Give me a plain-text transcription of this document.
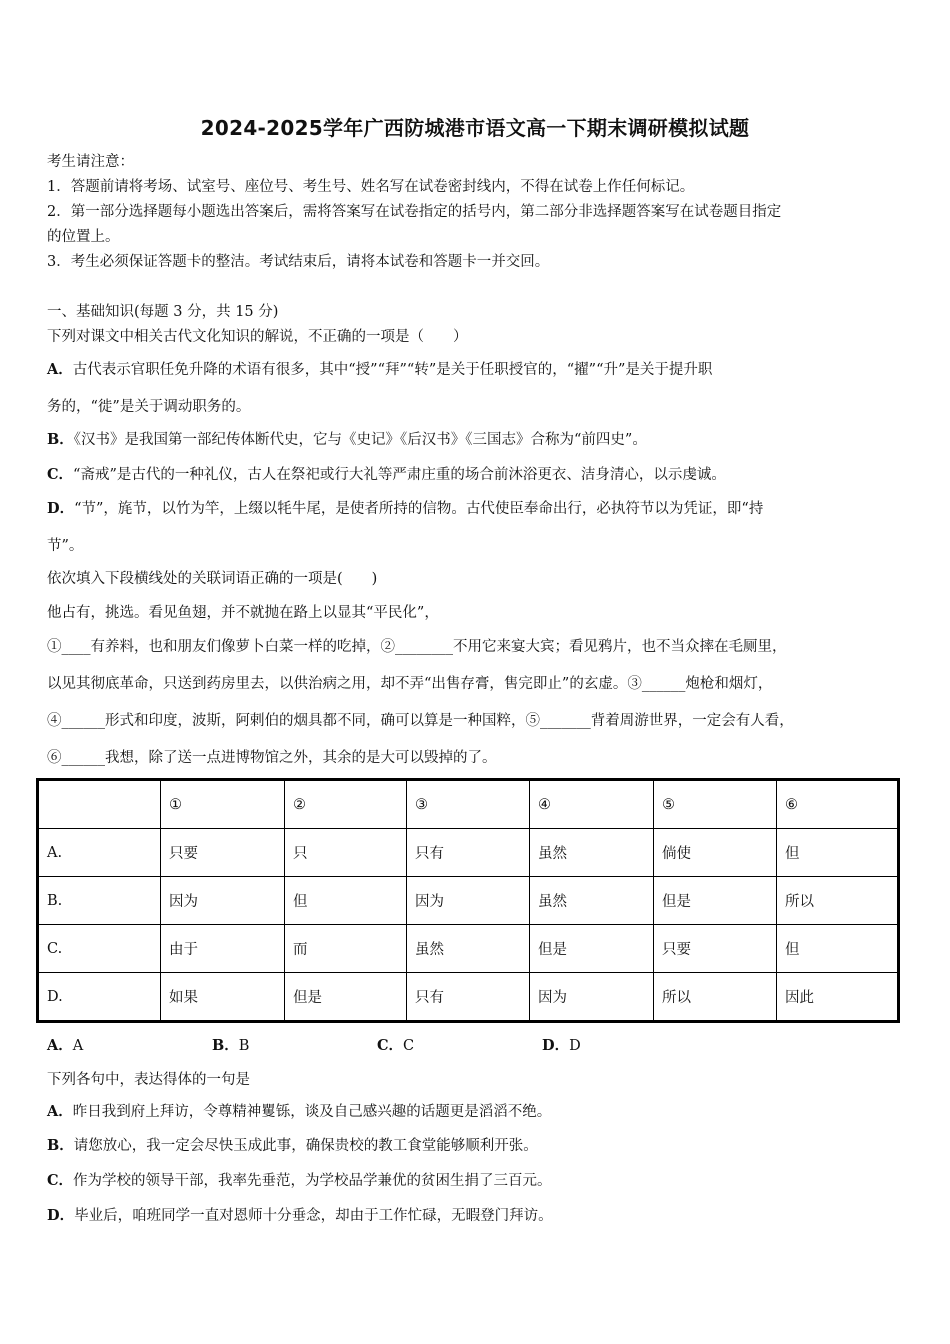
2024-2025学年广西防城港市语文高一下期末调研模拟试题
考生请注意：
1．答题前请将考场、试室号、座位号、考生号、姓名写在试卷密封线内，不得在试卷上作任何标记。
2．第一部分选择题每小题选出答案后，需将答案写在试卷指定的括号内，第二部分非选择题答案写在试卷题目指定
的位置上。
3．考生必须保证答题卡的整洁。考试结束后，请将本试卷和答题卡一并交回。
一、基础知识(每题 3 分，共 15 分)
下列对课文中相关古代文化知识的解说，不正确的一项是（　　）
A．古代表示官职任免升降的术语有很多，其中“授”“拜”“转”是关于任职授官的，“擢”“升”是关于提升职
务的，“徙”是关于调动职务的。
B．《汉书》是我国第一部纪传体断代史，它与《史记》《后汉书》《三国志》合称为“前四史”。
C．“斋戒”是古代的一种礼仪，古人在祭祀或行大礼等严肃庄重的场合前沐浴更衣、洁身清心，以示虔诚。
D．“节”，旄节，以竹为竿，上缀以牦牛尾，是使者所持的信物。古代使臣奉命出行，必执符节以为凭证，即“持
节”。
依次填入下段横线处的关联词语正确的一项是(　　)
他占有，挑选。看见鱼翅，并不就抛在路上以显其“平民化”，
①____有养料，也和朋友们像萝卜白菜一样的吃掉，②________不用它来宴大宾；看见鸦片，也不当众摔在毛厕里，
以见其彻底革命，只送到药房里去，以供治病之用，却不弄“出售存膏，售完即止”的玄虚。③______炮枪和烟灯，
④______形式和印度，波斯，阿剌伯的烟具都不同，确可以算是一种国粹，⑤_______背着周游世界，一定会有人看，
⑥______我想，除了送一点进博物馆之外，其余的是大可以毁掉的了。
	①	②	③	④	⑤	⑥
A.	只要	只	只有	虽然	倘使	但
B.	因为	但	因为	虽然	但是	所以
C.	由于	而	虽然	但是	只要	但
D.	如果	但是	只有	因为	所以	因此
A．A	B．B	C．C	D．D
下列各句中，表达得体的一句是
A．昨日我到府上拜访，令尊精神矍铄，谈及自己感兴趣的话题更是滔滔不绝。
B．请您放心，我一定会尽快玉成此事，确保贵校的教工食堂能够顺利开张。
C．作为学校的领导干部，我率先垂范，为学校品学兼优的贫困生捐了三百元。
D．毕业后，咱班同学一直对恩师十分垂念，却由于工作忙碌，无暇登门拜访。
